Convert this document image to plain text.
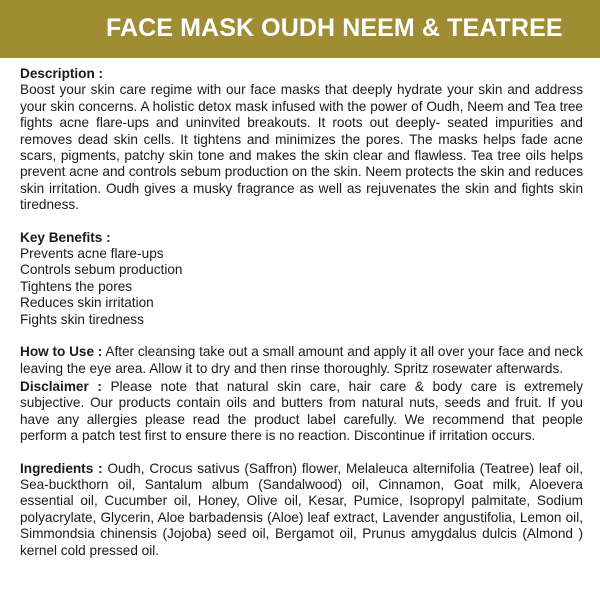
FACE MASK OUDH NEEM & TEATREE
Description :

Boost your skin care regime with our face masks that deeply hydrate your skin and address your skin concerns. A holistic detox mask infused with the power of Oudh, Neem and Tea tree fights acne flare-ups and uninvited breakouts. It roots out deeply- seated impurities and removes dead skin cells. It tightens and minimizes the pores. The masks helps fade acne scars, pigments, patchy skin tone and makes the skin clear and flawless. Tea tree oils helps prevent acne and controls sebum production on the skin. Neem protects the skin and reduces skin irritation. Oudh gives a musky fragrance as well as rejuvenates the skin and fights skin tiredness.

Key Benefits :
Prevents acne flare-ups
Controls sebum production
Tightens the pores
Reduces skin irritation
Fights skin tiredness

How to Use : After cleansing take out a small amount and apply it all over your face and neck leaving the eye area. Allow it to dry and then rinse thoroughly. Spritz rosewater afterwards.

Disclaimer : Please note that natural skin care, hair care & body care is extremely subjective. Our products contain oils and butters from natural nuts, seeds and fruit. If you have any allergies please read the product label carefully. We recommend that people perform a patch test first to ensure there is no reaction. Discontinue if irritation occurs.

Ingredients : Oudh, Crocus sativus (Saffron) flower, Melaleuca alternifolia (Teatree) leaf oil, Sea-buckthorn oil, Santalum album (Sandalwood) oil, Cinnamon, Goat milk, Aloevera essential oil, Cucumber oil, Honey, Olive oil, Kesar, Pumice, Isopropyl palmitate, Sodium polyacrylate, Glycerin, Aloe barbadensis (Aloe) leaf extract, Lavender angustifolia, Lemon oil, Simmondsia chinensis (Jojoba) seed oil, Bergamot oil, Prunus amygdalus dulcis (Almond ) kernel cold pressed oil.
